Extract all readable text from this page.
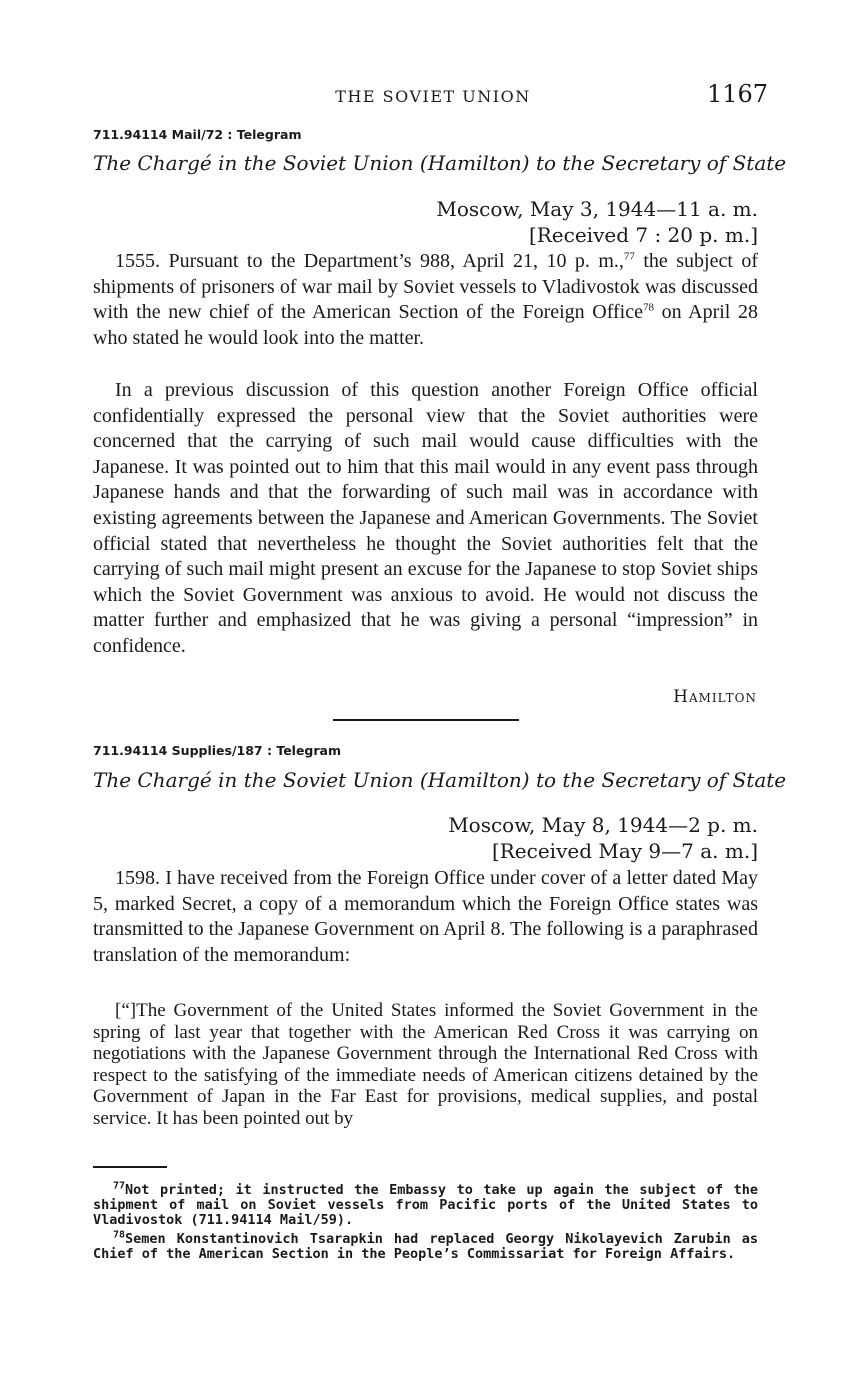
THE SOVIET UNION	1167
711.94114 Mail/72 : Telegram
The Chargé in the Soviet Union (Hamilton) to the Secretary of State
Moscow, May 3, 1944—11 a. m.
[Received 7 : 20 p. m.]

1555. Pursuant to the Department’s 988, April 21, 10 p. m.,$^{77}$ the subject of shipments of prisoners of war mail by Soviet vessels to Vladivostok was discussed with the new chief of the American Section of the Foreign Office$^{78}$ on April 28 who stated he would look into the matter.

In a previous discussion of this question another Foreign Office official confidentially expressed the personal view that the Soviet authorities were concerned that the carrying of such mail would cause difficulties with the Japanese. It was pointed out to him that this mail would in any event pass through Japanese hands and that the forwarding of such mail was in accordance with existing agreements between the Japanese and American Governments. The Soviet official stated that nevertheless he thought the Soviet authorities felt that the carrying of such mail might present an excuse for the Japanese to stop Soviet ships which the Soviet Government was anxious to avoid. He would not discuss the matter further and emphasized that he was giving a personal “impression” in confidence.

Hamilton
711.94114 Supplies/187 : Telegram
The Chargé in the Soviet Union (Hamilton) to the Secretary of State
Moscow, May 8, 1944—2 p. m.
[Received May 9—7 a. m.]

1598. I have received from the Foreign Office under cover of a letter dated May 5, marked Secret, a copy of a memorandum which the Foreign Office states was transmitted to the Japanese Government on April 8. The following is a paraphrased translation of the memorandum:

[“]The Government of the United States informed the Soviet Government in the spring of last year that together with the American Red Cross it was carrying on negotiations with the Japanese Government through the International Red Cross with respect to the satisfying of the immediate needs of American citizens detained by the Government of Japan in the Far East for provisions, medical supplies, and postal service. It has been pointed out by

$^{77}$Not printed; it instructed the Embassy to take up again the subject of the shipment of mail on Soviet vessels from Pacific ports of the United States to Vladivostok (711.94114 Mail/59).

$^{78}$Semen Konstantinovich Tsarapkin had replaced Georgy Nikolayevich Zarubin as Chief of the American Section in the People’s Commissariat for Foreign Affairs.
